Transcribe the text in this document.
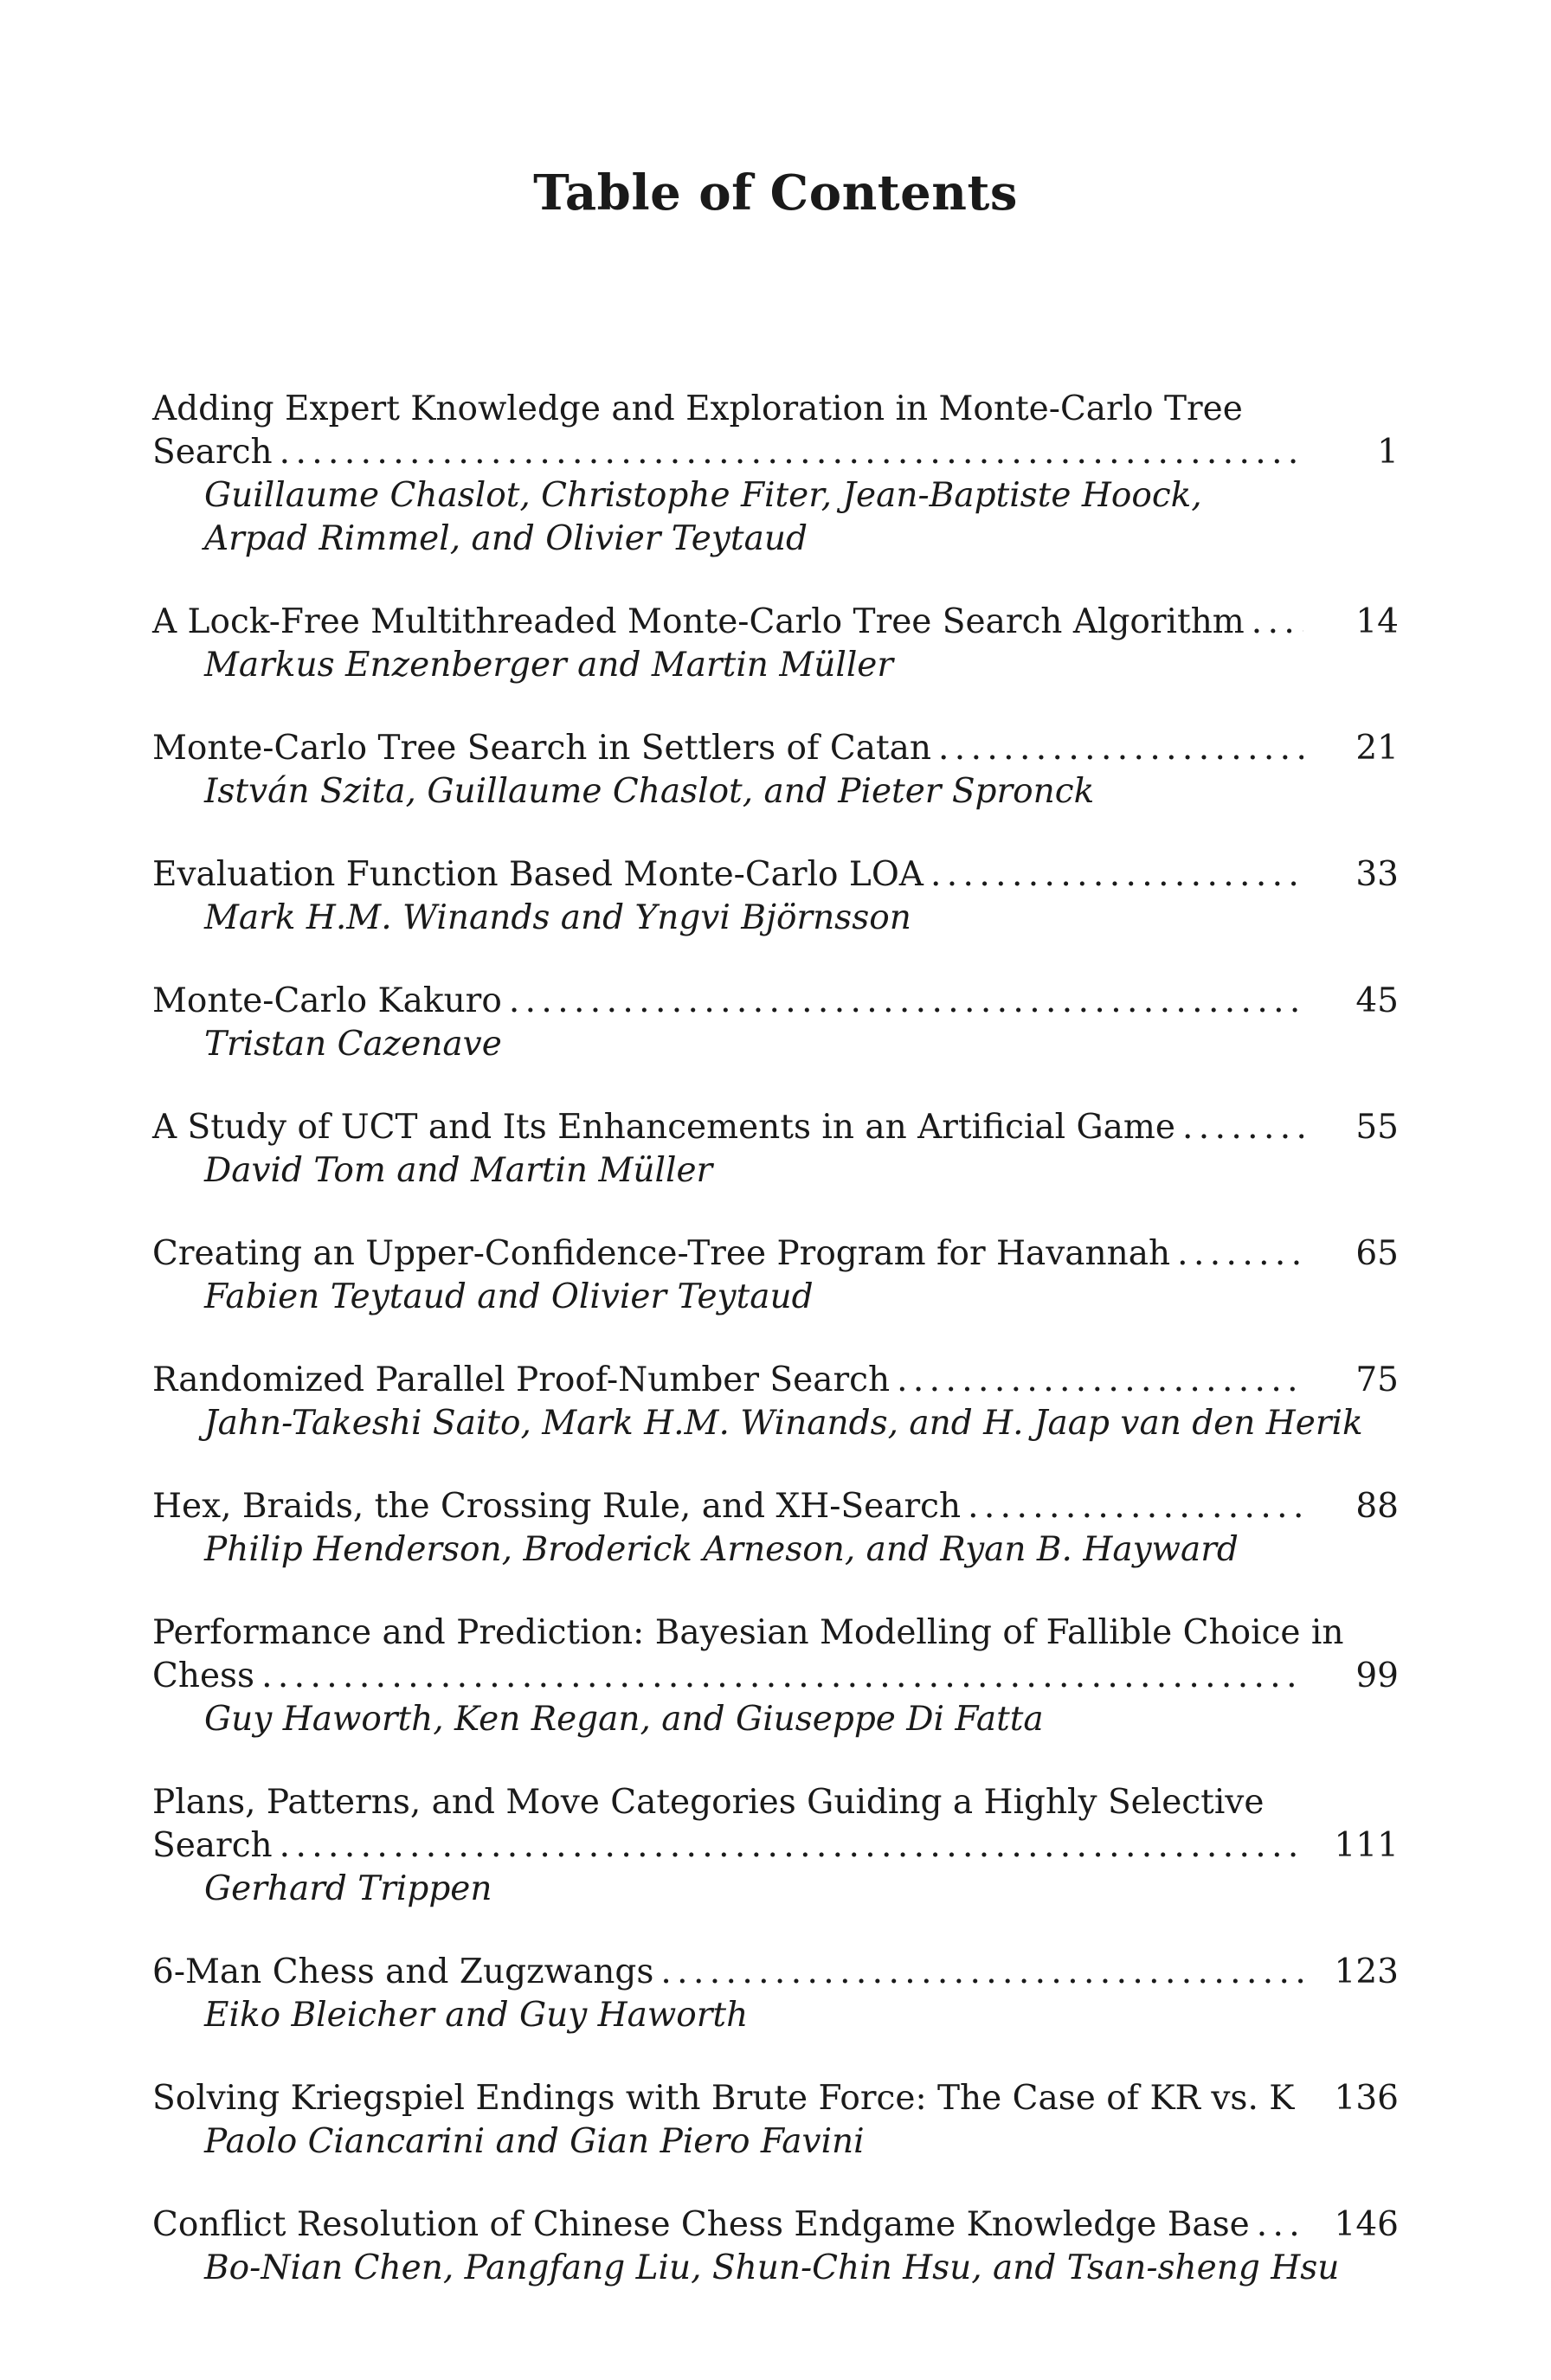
Table of Contents
Adding Expert Knowledge and Exploration in Monte-Carlo Tree
Search . . .	1
Guillaume Chaslot, Christophe Fiter, Jean-Baptiste Hoock,
Arpad Rimmel, and Olivier Teytaud
A Lock-Free Multithreaded Monte-Carlo Tree Search Algorithm . . .	14
Markus Enzenberger and Martin Müller
Monte-Carlo Tree Search in Settlers of Catan . . .	21
István Szita, Guillaume Chaslot, and Pieter Spronck
Evaluation Function Based Monte-Carlo LOA . . .	33
Mark H.M. Winands and Yngvi Björnsson
Monte-Carlo Kakuro . . .	45
Tristan Cazenave
A Study of UCT and Its Enhancements in an Artificial Game . . .	55
David Tom and Martin Müller
Creating an Upper-Confidence-Tree Program for Havannah . . .	65
Fabien Teytaud and Olivier Teytaud
Randomized Parallel Proof-Number Search . . .	75
Jahn-Takeshi Saito, Mark H.M. Winands, and H. Jaap van den Herik
Hex, Braids, the Crossing Rule, and XH-Search . . .	88
Philip Henderson, Broderick Arneson, and Ryan B. Hayward
Performance and Prediction: Bayesian Modelling of Fallible Choice in
Chess . . .	99
Guy Haworth, Ken Regan, and Giuseppe Di Fatta
Plans, Patterns, and Move Categories Guiding a Highly Selective
Search . . .	111
Gerhard Trippen
6-Man Chess and Zugzwangs . . .	123
Eiko Bleicher and Guy Haworth
Solving Kriegspiel Endings with Brute Force: The Case of KR vs. K . . .	136
Paolo Ciancarini and Gian Piero Favini
Conflict Resolution of Chinese Chess Endgame Knowledge Base . . .	146
Bo-Nian Chen, Pangfang Liu, Shun-Chin Hsu, and Tsan-sheng Hsu
